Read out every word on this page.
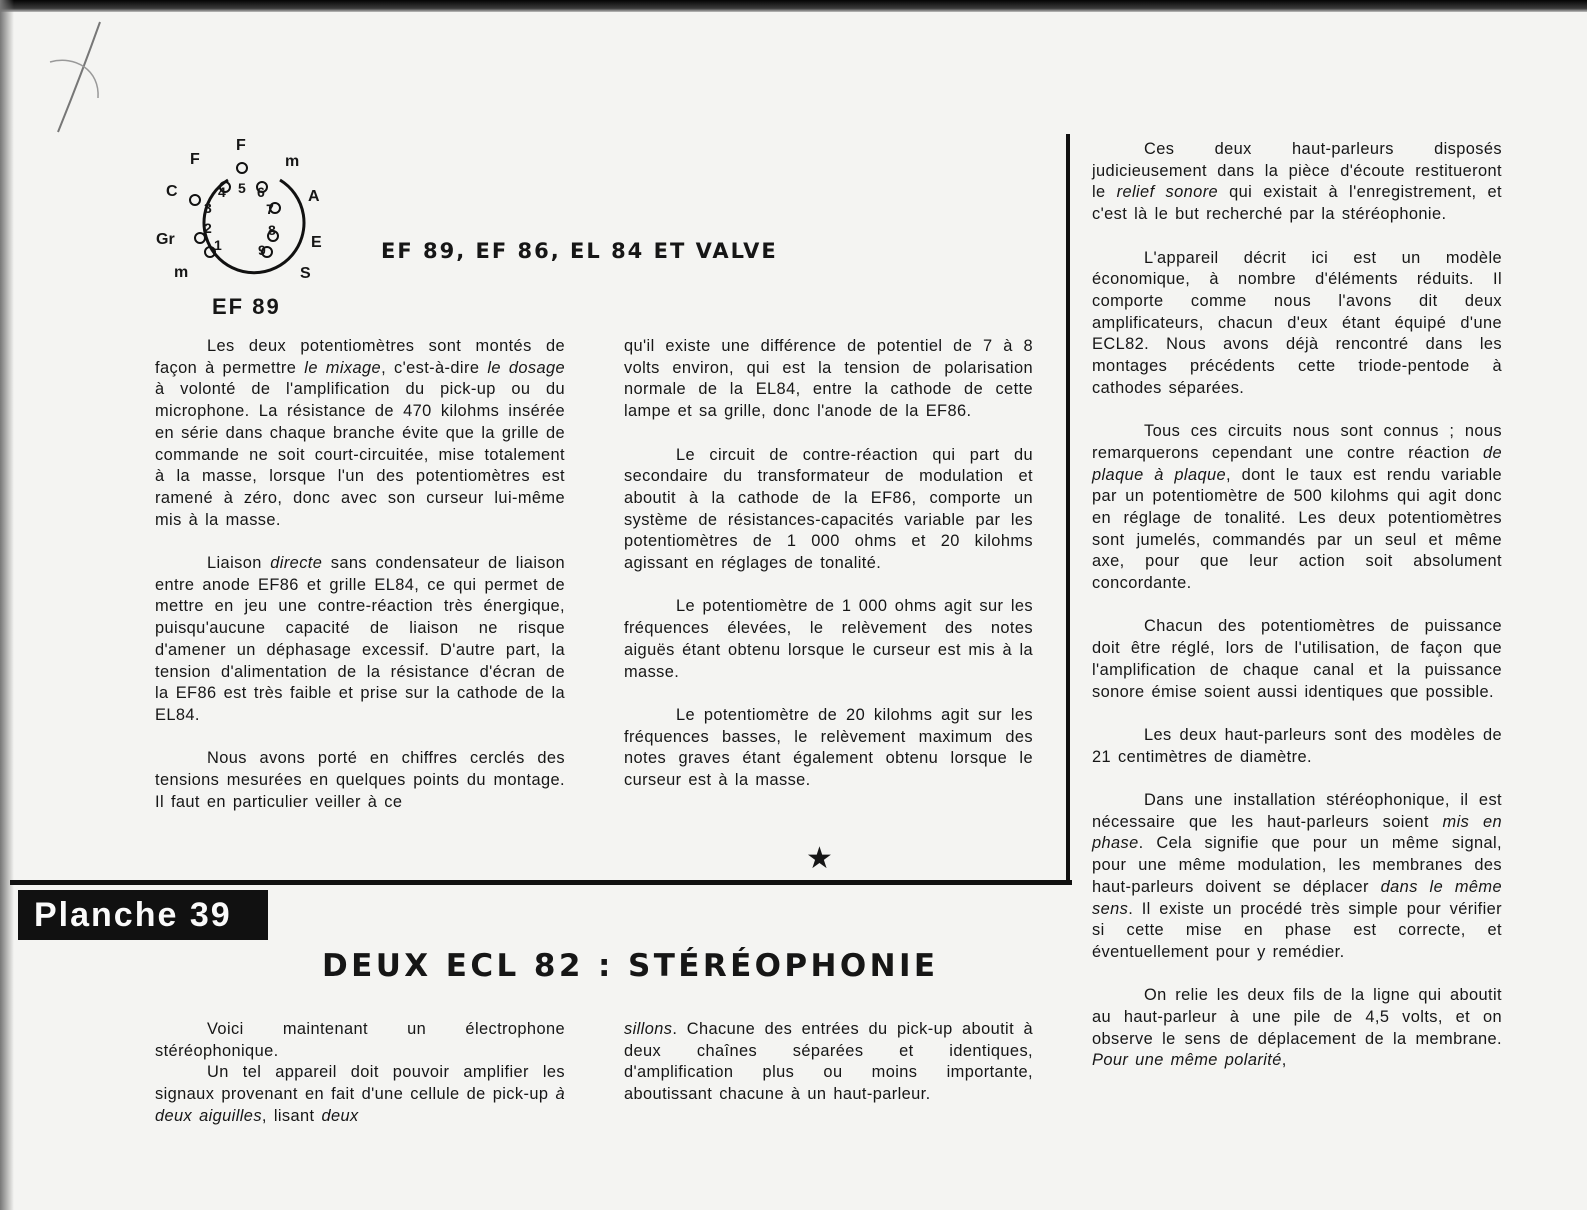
F
F
m
C	A
Gr	E
m	S
1
2
3
4 5 6
7
8
9
EF 89
EF 89, EF 86, EL 84 ET VALVE

Les deux potentiomètres sont montés de façon à permettre le mixage, c'est-à-dire le dosage à volonté de l'amplification du pick-up ou du microphone. La résistance de 470 kilohms insérée en série dans chaque branche évite que la grille de commande ne soit court-circuitée, mise totalement à la masse, lorsque l'un des potentiomètres est ramené à zéro, donc avec son curseur lui-même mis à la masse.

Liaison directe sans condensateur de liaison entre anode EF86 et grille EL84, ce qui permet de mettre en jeu une contre-réaction très énergique, puisqu'aucune capacité de liaison ne risque d'amener un déphasage excessif. D'autre part, la tension d'alimentation de la résistance d'écran de la EF86 est très faible et prise sur la cathode de la EL84.

Nous avons porté en chiffres cerclés des tensions mesurées en quelques points du montage. Il faut en particulier veiller à ce

qu'il existe une différence de potentiel de 7 à 8 volts environ, qui est la tension de polarisation normale de la EL84, entre la cathode de cette lampe et sa grille, donc l'anode de la EF86.

Le circuit de contre-réaction qui part du secondaire du transformateur de modulation et aboutit à la cathode de la EF86, comporte un système de résistances-capacités variable par les potentiomètres de 1 000 ohms et 20 kilohms agissant en réglages de tonalité.

Le potentiomètre de 1 000 ohms agit sur les fréquences élevées, le relèvement des notes aiguës étant obtenu lorsque le curseur est mis à la masse.

Le potentiomètre de 20 kilohms agit sur les fréquences basses, le relèvement maximum des notes graves étant également obtenu lorsque le curseur est à la masse.

★
Planche 39
DEUX ECL 82 : STÉRÉOPHONIE

Voici maintenant un électrophone stéréophonique.

Un tel appareil doit pouvoir amplifier les signaux provenant en fait d'une cellule de pick-up à deux aiguilles, lisant deux

sillons. Chacune des entrées du pick-up aboutit à deux chaînes séparées et identiques, d'amplification plus ou moins importante, aboutissant chacune à un haut-parleur.

Ces deux haut-parleurs disposés judicieusement dans la pièce d'écoute restitueront le relief sonore qui existait à l'enregistrement, et c'est là le but recherché par la stéréophonie.

L'appareil décrit ici est un modèle économique, à nombre d'éléments réduits. Il comporte comme nous l'avons dit deux amplificateurs, chacun d'eux étant équipé d'une ECL82. Nous avons déjà rencontré dans les montages précédents cette triode-pentode à cathodes séparées.

Tous ces circuits nous sont connus ; nous remarquerons cependant une contre réaction de plaque à plaque, dont le taux est rendu variable par un potentiomètre de 500 kilohms qui agit donc en réglage de tonalité. Les deux potentiomètres sont jumelés, commandés par un seul et même axe, pour que leur action soit absolument concordante.

Chacun des potentiomètres de puissance doit être réglé, lors de l'utilisation, de façon que l'amplification de chaque canal et la puissance sonore émise soient aussi identiques que possible.

Les deux haut-parleurs sont des modèles de 21 centimètres de diamètre.

Dans une installation stéréophonique, il est nécessaire que les haut-parleurs soient mis en phase. Cela signifie que pour un même signal, pour une même modulation, les membranes des haut-parleurs doivent se déplacer dans le même sens. Il existe un procédé très simple pour vérifier si cette mise en phase est correcte, et éventuellement pour y remédier.

On relie les deux fils de la ligne qui aboutit au haut-parleur à une pile de 4,5 volts, et on observe le sens de déplacement de la membrane. Pour une même polarité,
